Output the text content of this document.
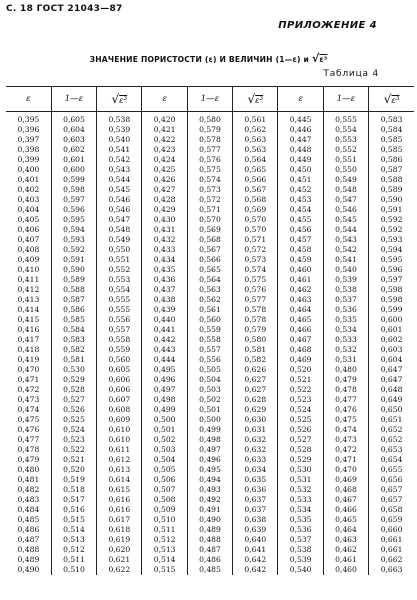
С. 18 ГОСТ 21043—87
ПРИЛОЖЕНИЕ 4
ЗНАЧЕНИЕ ПОРИСТОСТИ (ε) И ВЕЛИЧИН (1—ε) и √ε³
Таблица 4
ε	1—ε	√ε³	ε	1—ε	√ε³	ε	1—ε	√ε³
0,395	0,605	0,538	0,420	0,580	0,561	0,445	0,555	0,583
0,396	0,604	0,539	0,421	0,579	0,562	0,446	0,554	0,584
0,397	0,603	0,540	0,422	0,578	0,563	0,447	0,553	0,585
0,398	0,602	0,541	0,423	0,577	0,563	0,448	0,552	0,585
0,399	0,601	0,542	0,424	0,576	0,564	0,449	0,551	0,586
0,400	0,600	0,543	0,425	0,575	0,565	0,450	0,550	0,587
0,401	0,599	0,544	0,426	0,574	0,566	0,451	0,549	0,588
0,402	0,598	0,545	0,427	0,573	0,567	0,452	0,548	0,589
0,403	0,597	0,546	0,428	0,572	0,568	0,453	0,547	0,590
0,404	0,596	0,546	0,429	0,571	0,569	0,454	0,546	0,591
0,405	0,595	0,547	0,430	0,570	0,570	0,455	0,545	0,592
0,406	0,594	0,548	0,431	0,569	0,570	0,456	0,544	0,592
0,407	0,593	0,549	0,432	0,568	0,571	0,457	0,543	0,593
0,408	0,592	0,550	0,433	0,567	0,572	0,458	0,542	0,594
0,409	0,591	0,551	0,434	0,566	0,573	0,459	0,541	0,595
0,410	0,590	0,552	0,435	0,565	0,574	0,460	0,540	0,596
0,411	0,589	0,553	0,436	0,564	0,575	0,461	0,539	0,597
0,412	0,588	0,554	0,437	0,563	0,576	0,462	0,538	0,598
0,413	0,587	0,555	0,438	0,562	0,577	0,463	0,537	0,598
0,414	0,586	0,555	0,439	0,561	0,578	0,464	0,536	0,599
0,415	0,585	0,556	0,440	0,560	0,578	0,465	0,535	0,600
0,416	0,584	0,557	0,441	0,559	0,579	0,466	0,534	0,601
0,417	0,583	0,558	0,442	0,558	0,580	0,467	0,533	0,602
0,418	0,582	0,559	0,443	0,557	0,581	0,468	0,532	0,603
0,419	0,581	0,560	0,444	0,556	0,582	0,469	0,531	0,604
0,470	0,530	0,605	0,495	0,505	0,626	0,520	0,480	0,647
0,471	0,529	0,606	0,496	0,504	0,627	0,521	0,479	0,647
0,472	0,528	0,606	0,497	0,503	0,627	0,522	0,478	0,648
0,473	0,527	0,607	0,498	0,502	0,628	0,523	0,477	0,649
0,474	0,526	0,608	0,499	0,501	0,629	0,524	0,476	0,650
0,475	0,525	0,609	0,500	0,500	0,630	0,525	0,475	0,651
0,476	0,524	0,610	0,501	0,499	0,631	0,526	0,474	0,652
0,477	0,523	0,610	0,502	0,498	0,632	0,527	0,473	0,652
0,478	0,522	0,611	0,503	0,497	0,632	0,528	0,472	0,653
0,479	0,521	0,612	0,504	0,496	0,633	0,529	0,471	0,654
0,480	0,520	0,613	0,505	0,495	0,634	0,530	0,470	0,655
0,481	0,519	0,614	0,506	0,494	0,635	0,531	0,469	0,656
0,482	0,518	0,615	0,507	0,493	0,636	0,532	0,468	0,657
0,483	0,517	0,616	0,508	0,492	0,637	0,533	0,467	0,657
0,484	0,516	0,616	0,509	0,491	0,637	0,534	0,466	0,658
0,485	0,515	0,617	0,510	0,490	0,638	0,535	0,465	0,659
0,486	0,514	0,618	0,511	0,489	0,639	0,536	0,464	0,660
0,487	0,513	0,619	0,512	0,488	0,640	0,537	0,463	0,661
0,488	0,512	0,620	0,513	0,487	0,641	0,538	0,462	0,661
0,489	0,511	0,621	0,514	0,486	0,642	0,539	0,461	0,662
0,490	0,510	0,622	0,515	0,485	0,642	0,540	0,460	0,663
